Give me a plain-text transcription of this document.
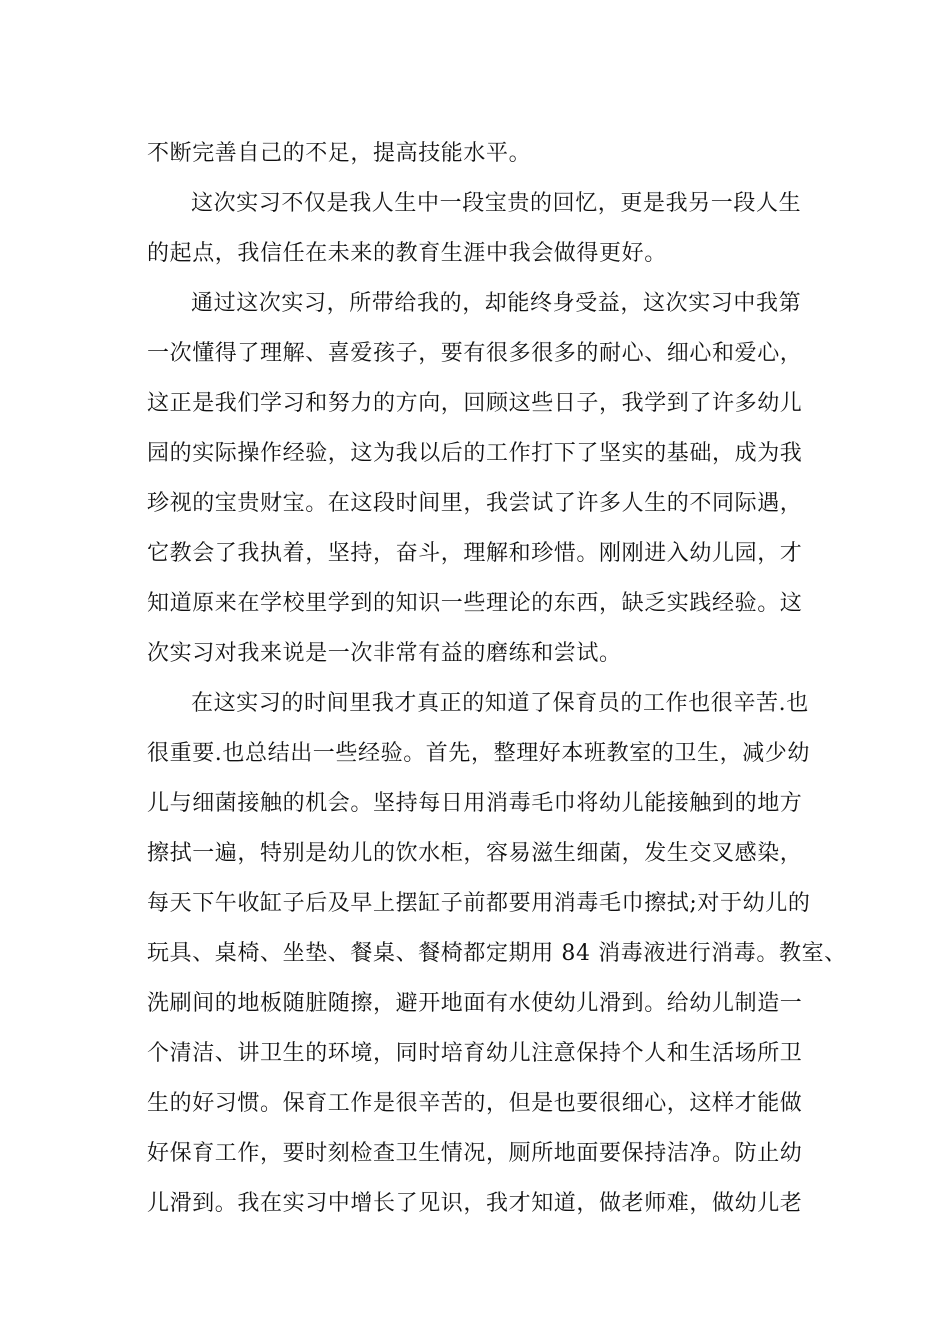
不断完善自己的不足，提高技能水平。
这次实习不仅是我人生中一段宝贵的回忆，更是我另一段人生
的起点，我信任在未来的教育生涯中我会做得更好。
通过这次实习，所带给我的，却能终身受益，这次实习中我第
一次懂得了理解、喜爱孩子，要有很多很多的耐心、细心和爱心，
这正是我们学习和努力的方向，回顾这些日子，我学到了许多幼儿
园的实际操作经验，这为我以后的工作打下了坚实的基础，成为我
珍视的宝贵财宝。在这段时间里，我尝试了许多人生的不同际遇，
它教会了我执着，坚持，奋斗，理解和珍惜。刚刚进入幼儿园，才
知道原来在学校里学到的知识一些理论的东西，缺乏实践经验。这
次实习对我来说是一次非常有益的磨练和尝试。
在这实习的时间里我才真正的知道了保育员的工作也很辛苦.也
很重要.也总结出一些经验。首先，整理好本班教室的卫生，减少幼
儿与细菌接触的机会。坚持每日用消毒毛巾将幼儿能接触到的地方
擦拭一遍，特别是幼儿的饮水柜，容易滋生细菌，发生交叉感染，
每天下午收缸子后及早上摆缸子前都要用消毒毛巾擦拭;对于幼儿的
玩具、桌椅、坐垫、餐桌、餐椅都定期用 84 消毒液进行消毒。教室、
洗刷间的地板随脏随擦，避开地面有水使幼儿滑到。给幼儿制造一
个清洁、讲卫生的环境，同时培育幼儿注意保持个人和生活场所卫
生的好习惯。保育工作是很辛苦的，但是也要很细心，这样才能做
好保育工作，要时刻检查卫生情况，厕所地面要保持洁净。防止幼
儿滑到。我在实习中增长了见识，我才知道，做老师难，做幼儿老
